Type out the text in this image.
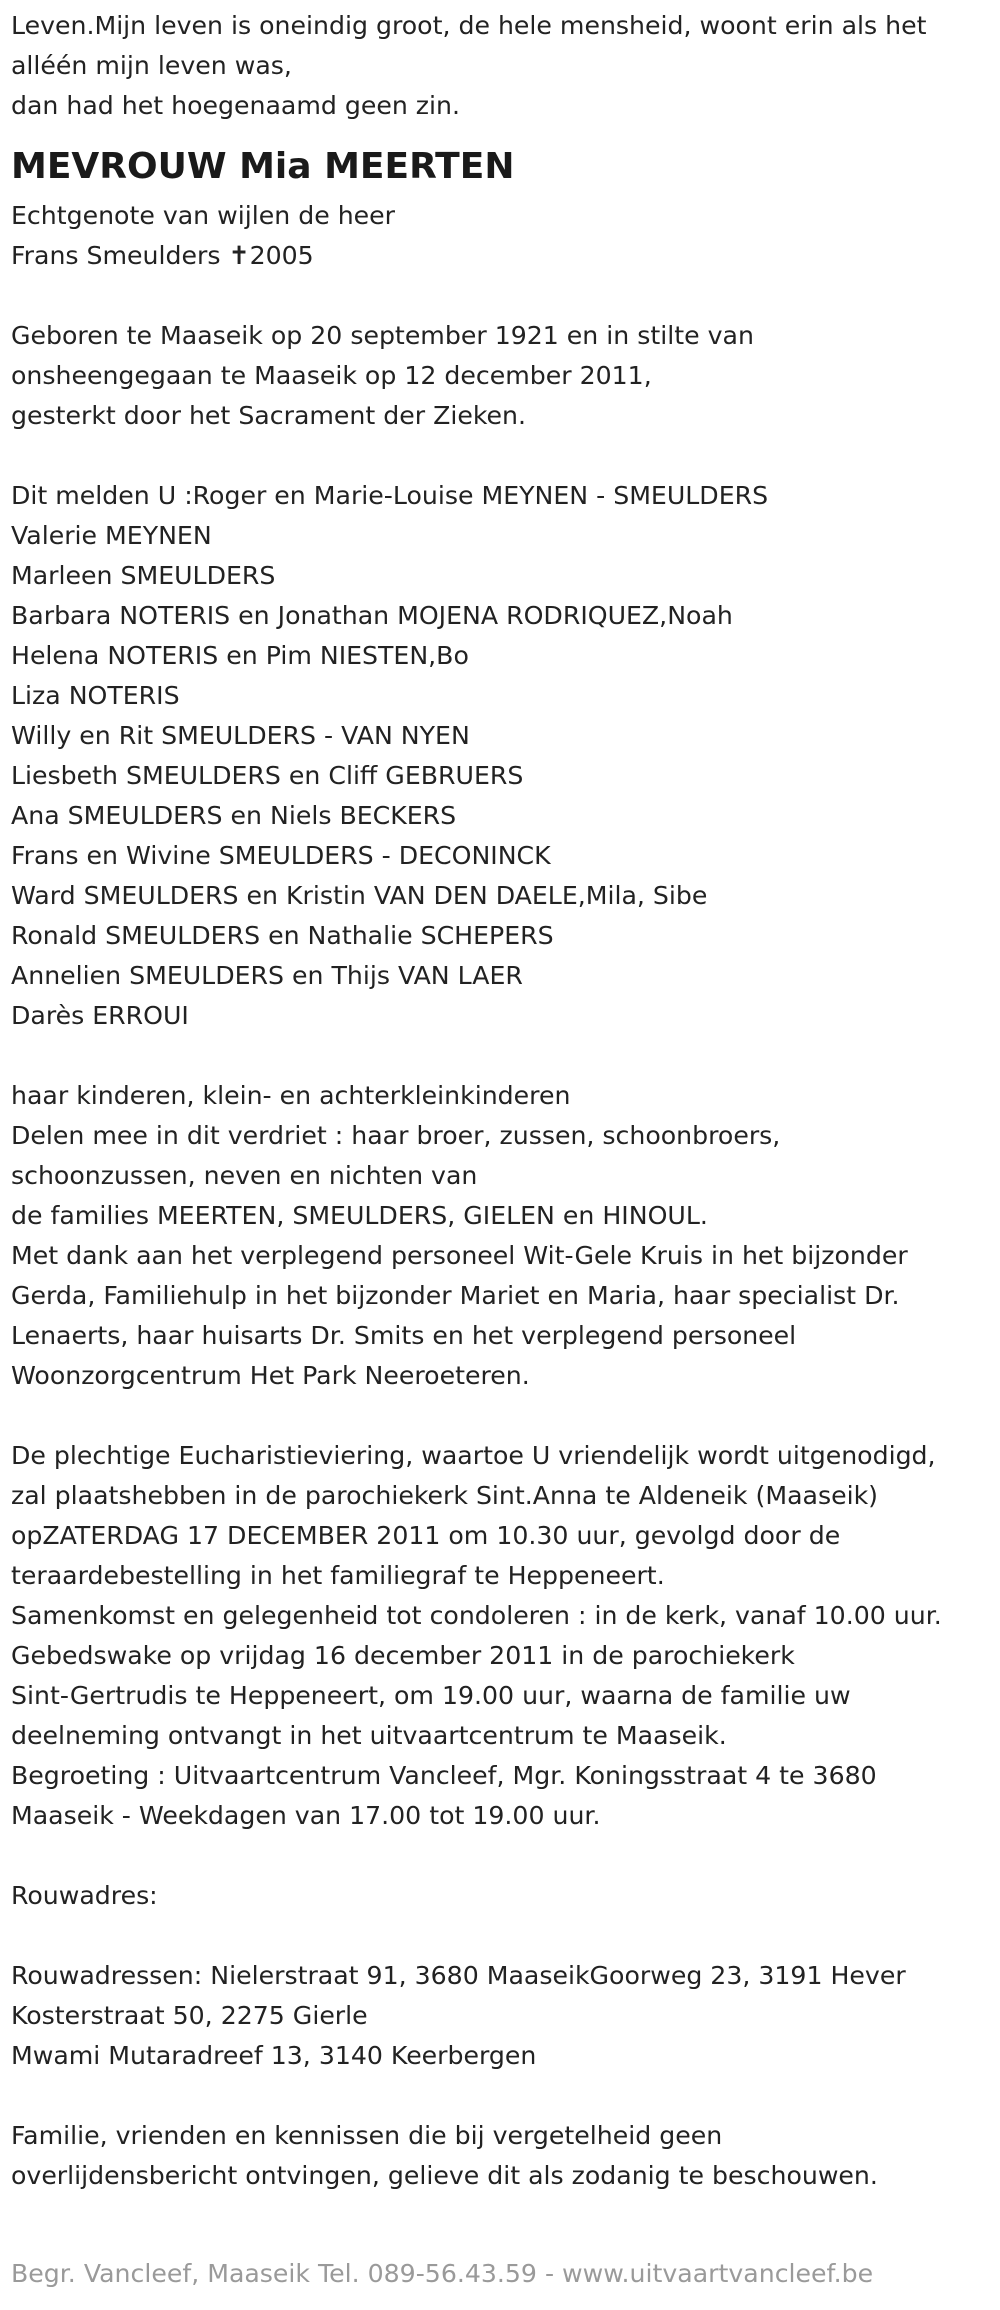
Leven.Mijn leven is oneindig groot, de hele mensheid, woont erin als het

alléén mijn leven was,

dan had het hoegenaamd geen zin.

MEVROUW Mia MEERTEN

Echtgenote van wijlen de heer

Frans Smeulders ✝2005

Geboren te Maaseik op 20 september 1921 en in stilte van

onsheengegaan te Maaseik op 12 december 2011,

gesterkt door het Sacrament der Zieken.

Dit melden U :Roger en Marie-Louise MEYNEN - SMEULDERS

Valerie MEYNEN

Marleen SMEULDERS

Barbara NOTERIS en Jonathan MOJENA RODRIQUEZ,Noah

Helena NOTERIS en Pim NIESTEN,Bo

Liza NOTERIS

Willy en Rit SMEULDERS - VAN NYEN

Liesbeth SMEULDERS en Cliff GEBRUERS

Ana SMEULDERS en Niels BECKERS

Frans en Wivine SMEULDERS - DECONINCK

Ward SMEULDERS en Kristin VAN DEN DAELE,Mila, Sibe

Ronald SMEULDERS en Nathalie SCHEPERS

Annelien SMEULDERS en Thijs VAN LAER

Darès ERROUI

haar kinderen, klein- en achterkleinkinderen

Delen mee in dit verdriet : haar broer, zussen, schoonbroers,

schoonzussen, neven en nichten van

de families MEERTEN, SMEULDERS, GIELEN en HINOUL.

Met dank aan het verplegend personeel Wit-Gele Kruis in het bijzonder

Gerda, Familiehulp in het bijzonder Mariet en Maria, haar specialist Dr.

Lenaerts, haar huisarts Dr. Smits en het verplegend personeel

Woonzorgcentrum Het Park Neeroeteren.

De plechtige Eucharistieviering, waartoe U vriendelijk wordt uitgenodigd,

zal plaatshebben in de parochiekerk Sint.Anna te Aldeneik (Maaseik)

opZATERDAG 17 DECEMBER 2011 om 10.30 uur, gevolgd door de

teraardebestelling in het familiegraf te Heppeneert.

Samenkomst en gelegenheid tot condoleren : in de kerk, vanaf 10.00 uur.

Gebedswake op vrijdag 16 december 2011 in de parochiekerk

Sint-Gertrudis te Heppeneert, om 19.00 uur, waarna de familie uw

deelneming ontvangt in het uitvaartcentrum te Maaseik.

Begroeting : Uitvaartcentrum Vancleef, Mgr. Koningsstraat 4 te 3680

Maaseik - Weekdagen van 17.00 tot 19.00 uur.

Rouwadres:

Rouwadressen: Nielerstraat 91, 3680 MaaseikGoorweg 23, 3191 Hever

Kosterstraat 50, 2275 Gierle

Mwami Mutaradreef 13, 3140 Keerbergen

Familie, vrienden en kennissen die bij vergetelheid geen

overlijdensbericht ontvingen, gelieve dit als zodanig te beschouwen.

Begr. Vancleef, Maaseik Tel. 089-56.43.59 - www.uitvaartvancleef.be
